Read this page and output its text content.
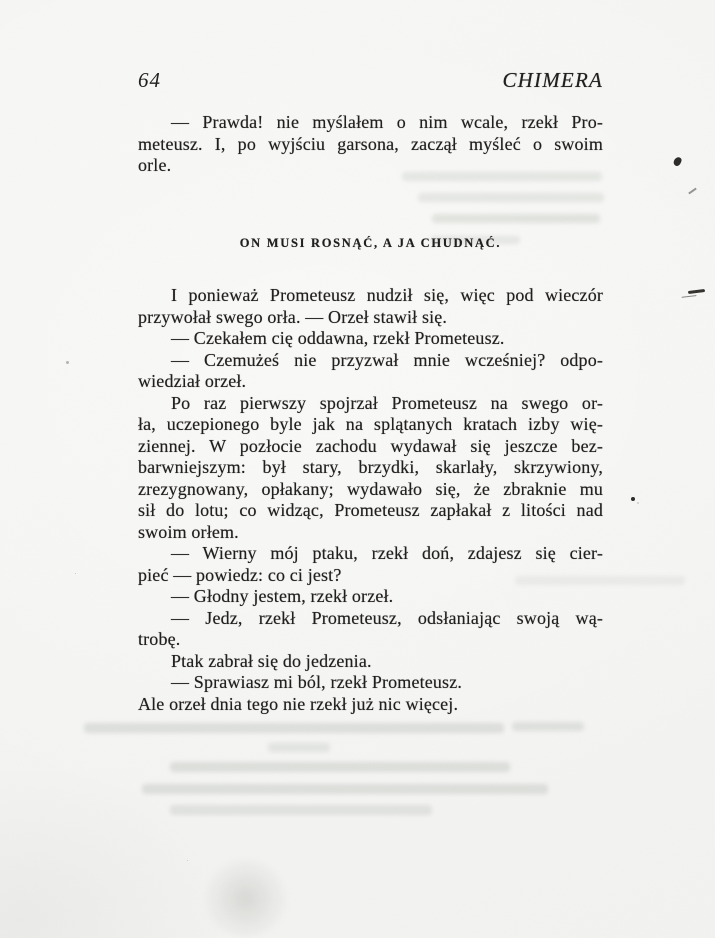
64	CHIMERA
— Prawda! nie myślałem o nim wcale, rzekł Pro-
meteusz. I, po wyjściu garsona, zaczął myśleć o swoim
orle.
ON MUSI ROSNĄĆ, A JA CHUDNĄĆ.
I ponieważ Prometeusz nudził się, więc pod wieczór
przywołał swego orła. — Orzeł stawił się.
— Czekałem cię oddawna, rzekł Prometeusz.
— Czemużeś nie przyzwał mnie wcześniej? odpo-
wiedział orzeł.
Po raz pierwszy spojrzał Prometeusz na swego or-
ła, uczepionego byle jak na splątanych kratach izby wię-
ziennej. W pozłocie zachodu wydawał się jeszcze bez-
barwniejszym: był stary, brzydki, skarlały, skrzywiony,
zrezygnowany, opłakany; wydawało się, że zbraknie mu
sił do lotu; co widząc, Prometeusz zapłakał z litości nad
swoim orłem.
— Wierny mój ptaku, rzekł doń, zdajesz się cier-
pieć — powiedz: co ci jest?
— Głodny jestem, rzekł orzeł.
— Jedz, rzekł Prometeusz, odsłaniając swoją wą-
trobę.
Ptak zabrał się do jedzenia.
— Sprawiasz mi ból, rzekł Prometeusz.
Ale orzeł dnia tego nie rzekł już nic więcej.
